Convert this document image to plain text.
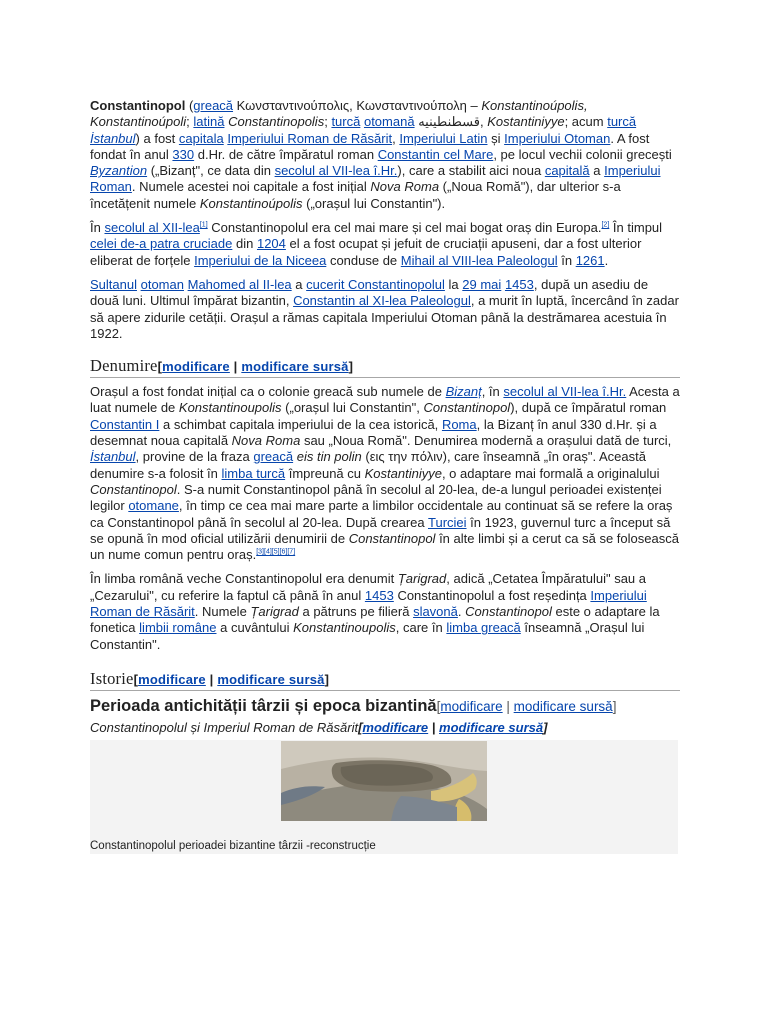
Constantinopol (greacă Κωνσταντινούπολις, Κωνσταντινούπολη – Konstantinoúpolis, Konstantinoúpoli; latină Constantinopolis; turcă otomană قسطنطينيه, Kostantiniyye; acum turcă İstanbul) a fost capitala Imperiului Roman de Răsărit, Imperiului Latin și Imperiului Otoman. A fost fondat în anul 330 d.Hr. de către împăratul roman Constantin cel Mare, pe locul vechii colonii grecești Byzantion („Bizanț", ce data din secolul al VII-lea î.Hr.), care a stabilit aici noua capitală a Imperiului Roman. Numele acestei noi capitale a fost inițial Nova Roma („Noua Romă"), dar ulterior s-a încetățenit numele Konstantinoúpolis („orașul lui Constantin").

În secolul al XII-lea[1] Constantinopolul era cel mai mare și cel mai bogat oraș din Europa.[2] În timpul celei de-a patra cruciade din 1204 el a fost ocupat și jefuit de cruciații apuseni, dar a fost ulterior eliberat de forțele Imperiului de la Niceea conduse de Mihail al VIII-lea Paleologul în 1261.

Sultanul otoman Mahomed al II-lea a cucerit Constantinopolul la 29 mai 1453, după un asediu de două luni. Ultimul împărat bizantin, Constantin al XI-lea Paleologul, a murit în luptă, încercând în zadar să apere zidurile cetății. Orașul a rămas capitala Imperiului Otoman până la destrămarea acestuia în 1922.

Denumire[modificare | modificare sursă]

Orașul a fost fondat inițial ca o colonie greacă sub numele de Bizanț, în secolul al VII-lea î.Hr. Acesta a luat numele de Konstantinoupolis („orașul lui Constantin", Constantinopol), după ce împăratul roman Constantin I a schimbat capitala imperiului de la cea istorică, Roma, la Bizanț în anul 330 d.Hr. și a desemnat noua capitală Nova Roma sau „Noua Romă". Denumirea modernă a orașului dată de turci, İstanbul, provine de la fraza greacă eis tin polin (εις την πόλιν), care înseamnă „în oraș". Această denumire s-a folosit în limba turcă împreună cu Kostantiniyye, o adaptare mai formală a originalului Constantinopol. S-a numit Constantinopol până în secolul al 20-lea, de-a lungul perioadei existenței legilor otomane, în timp ce cea mai mare parte a limbilor occidentale au continuat să se refere la oraș ca Constantinopol până în secolul al 20-lea. După crearea Turciei în 1923, guvernul turc a început să se opună în mod oficial utilizării denumirii de Constantinopol în alte limbi și a cerut ca să se folosească un nume comun pentru oraș.[3][4][5][6][7]

În limba română veche Constantinopolul era denumit Țarigrad, adică „Cetatea Împăratului" sau a „Cezarului", cu referire la faptul că până în anul 1453 Constantinopolul a fost reședința Imperiului Roman de Răsărit. Numele Țarigrad a pătruns pe filieră slavonă. Constantinopol este o adaptare la fonetica limbii române a cuvântului Konstantinoupolis, care în limba greacă înseamnă „Orașul lui Constantin".

Istorie[modificare | modificare sursă]
Perioada antichității târzii și epoca bizantină[modificare | modificare sursă]
Constantinopolul și Imperiul Roman de Răsărit[modificare | modificare sursă]
Constantinopolul perioadei bizantine târzii -reconstrucție
